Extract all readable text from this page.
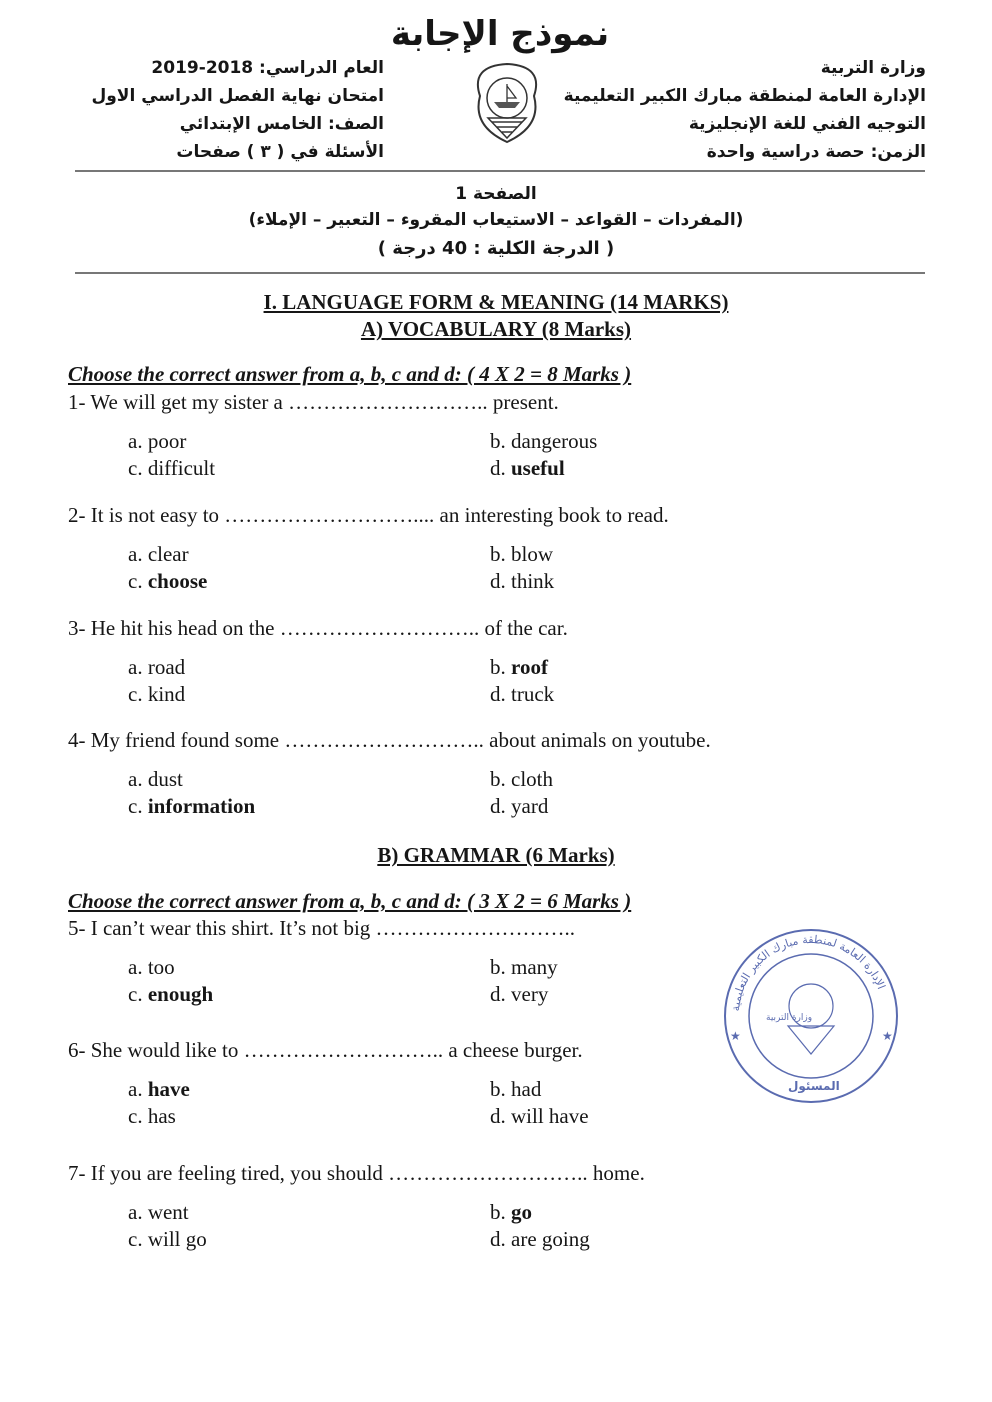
نموذج الإجابة
وزارة التربية
الإدارة العامة لمنطقة مبارك الكبير التعليمية
التوجيه الفني للغة الإنجليزية
الزمن: حصة دراسية واحدة
العام الدراسي: 2018-2019
امتحان نهاية الفصل الدراسي الاول
الصف: الخامس الإبتدائي
الأسئلة في ( ٣ ) صفحات
الصفحة 1
(المفردات – القواعد – الاستيعاب المقروء – التعبير – الإملاء)
( الدرجة الكلية : 40 درجة )
I. LANGUAGE FORM & MEANING (14 MARKS)
A) VOCABULARY (8 Marks)
Choose the correct answer from a, b, c and d: ( 4 X 2 = 8 Marks )
1- We will get my sister a ……………………….. present.
a. poor	b. dangerous
c. difficult	d. useful
2- It is not easy to ……………………….... an interesting book to read.
a. clear	b. blow
c. choose	d. think
3- He hit his head on the ……………………….. of the car.
a. road	b. roof
c. kind	d. truck
4- My friend found some ……………………….. about animals on youtube.
a. dust	b. cloth
c. information	d. yard
5- I can’t wear this shirt. It’s not big ………………………..
a. too	b. many
c. enough	d. very
6- She would like to ……………………….. a cheese burger.
a. have	b. had
c. has	d. will have
7- If you are feeling tired, you should ……………………….. home.
a. went	b. go
c. will go	d. are going
B) GRAMMAR (6 Marks)
Choose the correct answer from a, b, c and d: ( 3 X 2 = 6 Marks )
الإدارة العامة لمنطقة مبارك الكبير التعليمية
وزارة التربية
المسئول
★	★
